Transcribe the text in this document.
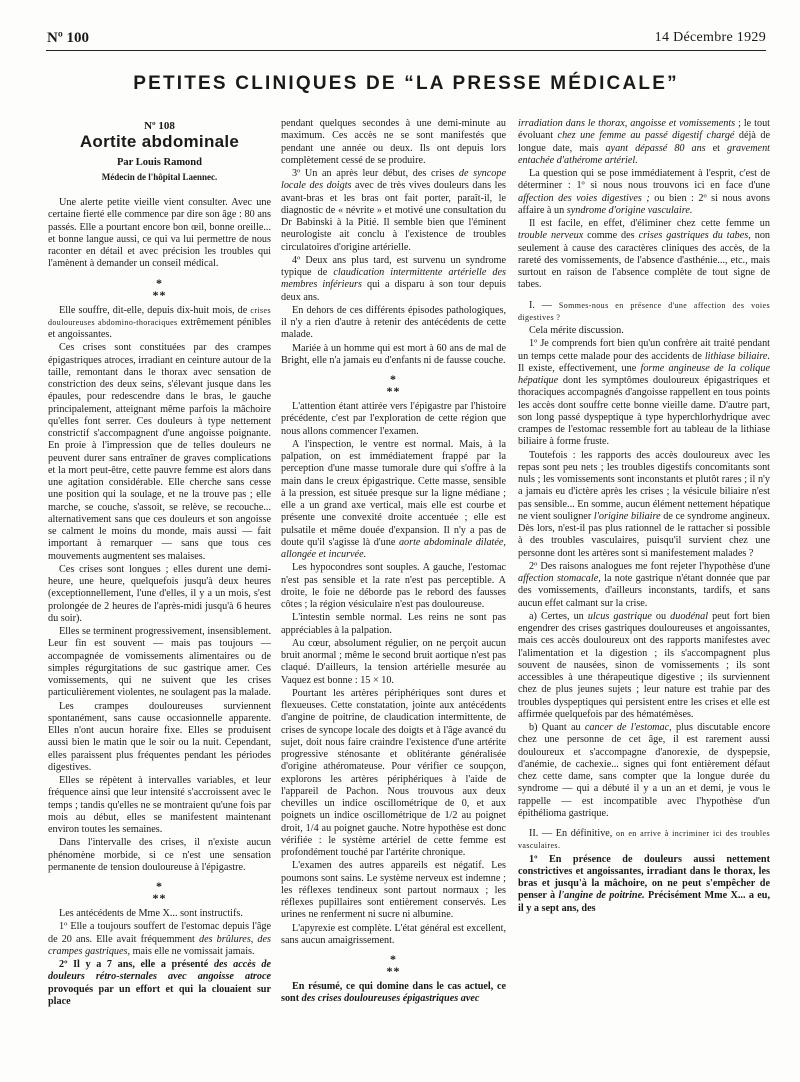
Nº 100	14 Décembre 1929
PETITES CLINIQUES DE “LA PRESSE MÉDICALE”
Nº 108
Aortite abdominale
Par Louis Ramond
Médecin de l'hôpital Laennec.

Une alerte petite vieille vient consulter. Avec une certaine fierté elle commence par dire son âge : 80 ans passés. Elle a pourtant encore bon œil, bonne oreille... et bonne langue aussi, ce qui va lui permettre de nous raconter en détail et avec précision les troubles qui l'amènent à demander un conseil médical.

*
**

Elle souffre, dit-elle, depuis dix-huit mois, de crises douloureuses abdomino-thoraciques extrêmement pénibles et angoissantes.

Ces crises sont constituées par des crampes épigastriques atroces, irradiant en ceinture autour de la taille, remontant dans le thorax avec sensation de constriction des deux seins, s'élevant jusque dans les épaules, pour redescendre dans le bras, le gauche principalement, atteignant même parfois la mâchoire qu'elles font serrer. Ces douleurs à type nettement constrictif s'accompagnent d'une angoisse poignante. En proie à l'impression que de telles douleurs ne peuvent durer sans entraîner de graves complications et la mort peut-être, cette pauvre femme est alors dans une agitation considérable. Elle cherche sans cesse une position qui la soulage, et ne la trouve pas ; elle marche, se couche, s'assoit, se relève, se recouche... alternativement sans que ces douleurs et son angoisse se calment le moins du monde, mais aussi — fait important à remarquer — sans que tous ces mouvements augmentent ses malaises.

Ces crises sont longues ; elles durent une demi-heure, une heure, quelquefois jusqu'à deux heures (exceptionnellement, l'une d'elles, il y a un mois, s'est prolongée de 2 heures de l'après-midi jusqu'à 6 heures du soir).

Elles se terminent progressivement, insensiblement. Leur fin est souvent — mais pas toujours — accompagnée de vomissements alimentaires ou de simples régurgitations de suc gastrique amer. Ces vomissements, qui ne suivent que les crises particulièrement violentes, ne soulagent pas la malade.

Les crampes douloureuses surviennent spontanément, sans cause occasionnelle apparente. Elles n'ont aucun horaire fixe. Elles se produisent aussi bien le matin que le soir ou la nuit. Cependant, elles paraissent plus fréquentes pendant les périodes digestives.

Elles se répètent à intervalles variables, et leur fréquence ainsi que leur intensité s'accroissent avec le temps ; tandis qu'elles ne se montraient qu'une fois par mois au début, elles se manifestent maintenant environ toutes les semaines.

Dans l'intervalle des crises, il n'existe aucun phénomène morbide, si ce n'est une sensation permanente de tension douloureuse à l'épigastre.

*
**

Les antécédents de Mme X... sont instructifs.

1º Elle a toujours souffert de l'estomac depuis l'âge de 20 ans. Elle avait fréquemment des brûlures, des crampes gastriques, mais elle ne vomissait jamais.

2º Il y a 7 ans, elle a présenté des accès de douleurs rétro-sternales avec angoisse atroce provoqués par un effort et qui la clouaient sur place

pendant quelques secondes à une demi-minute au maximum. Ces accès ne se sont manifestés que pendant une année ou deux. Ils ont depuis lors complètement cessé de se produire.

3º Un an après leur début, des crises de syncope locale des doigts avec de très vives douleurs dans les avant-bras et les bras ont fait porter, paraît-il, le diagnostic de « névrite » et motivé une consultation du Dr Babinski à la Pitié. Il semble bien que l'éminent neurologiste ait conclu à l'existence de troubles circulatoires d'origine artérielle.

4º Deux ans plus tard, est survenu un syndrome typique de claudication intermittente artérielle des membres inférieurs qui a disparu à son tour depuis deux ans.

En dehors de ces différents épisodes pathologiques, il n'y a rien d'autre à retenir des antécédents de cette malade.

Mariée à un homme qui est mort à 60 ans de mal de Bright, elle n'a jamais eu d'enfants ni de fausse couche.

*
**

L'attention étant attirée vers l'épigastre par l'histoire précédente, c'est par l'exploration de cette région que nous allons commencer l'examen.

A l'inspection, le ventre est normal. Mais, à la palpation, on est immédiatement frappé par la perception d'une masse tumorale dure qui s'offre à la main dans le creux épigastrique. Cette masse, sensible à la pression, est située presque sur la ligne médiane ; elle a un grand axe vertical, mais elle est courbe et présente une convexité droite accentuée ; elle est pulsatile et même douée d'expansion. Il n'y a pas de doute qu'il s'agisse là d'une aorte abdominale dilatée, allongée et incurvée.

Les hypocondres sont souples. A gauche, l'estomac n'est pas sensible et la rate n'est pas perceptible. A droite, le foie ne déborde pas le rebord des fausses côtes ; la région vésiculaire n'est pas douloureuse.

L'intestin semble normal. Les reins ne sont pas appréciables à la palpation.

Au cœur, absolument régulier, on ne perçoit aucun bruit anormal ; même le second bruit aortique n'est pas claqué. D'ailleurs, la tension artérielle mesurée au Vaquez est bonne : 15 × 10.

Pourtant les artères périphériques sont dures et flexueuses. Cette constatation, jointe aux antécédents d'angine de poitrine, de claudication intermittente, de crises de syncope locale des doigts et à l'âge avancé du sujet, doit nous faire craindre l'existence d'une artérite progressive sténosante et oblitérante généralisée d'origine athéromateuse. Pour vérifier ce soupçon, explorons les artères périphériques à l'aide de l'appareil de Pachon. Nous trouvous aux deux chevilles un indice oscillométrique de 0, et aux poignets un indice oscillométrique de 1/2 au poignet droit, 1/4 au poignet gauche. Notre hypothèse est donc vérifiée : le système artériel de cette femme est profondément touché par l'artérite chronique.

L'examen des autres appareils est négatif. Les poumons sont sains. Le système nerveux est indemne ; les réflexes tendineux sont partout normaux ; les réflexes pupillaires sont entièrement conservés. Les urines ne renferment ni sucre ni albumine.

L'apyrexie est complète. L'état général est excellent, sans aucun amaigrissement.

*
**

En résumé, ce qui domine dans le cas actuel, ce sont des crises douloureuses épigastriques avec

irradiation dans le thorax, angoisse et vomissements ; le tout évoluant chez une femme au passé digestif chargé déjà de longue date, mais ayant dépassé 80 ans et gravement entachée d'athérome artériel.

La question qui se pose immédiatement à l'esprit, c'est de déterminer : 1º si nous nous trouvons ici en face d'une affection des voies digestives ; ou bien : 2º si nous avons affaire à un syndrome d'origine vasculaire.

Il est facile, en effet, d'éliminer chez cette femme un trouble nerveux comme des crises gastriques du tabes, non seulement à cause des caractères cliniques des accès, de la rareté des vomissements, de l'absence d'asthénie..., etc., mais surtout en raison de l'absence complète de tout signe de tabes.

I. — Sommes-nous en présence d'une affection des voies digestives ?

Cela mérite discussion.

1º Je comprends fort bien qu'un confrère ait traité pendant un temps cette malade pour des accidents de lithiase biliaire. Il existe, effectivement, une forme angineuse de la colique hépatique dont les symptômes douloureux épigastriques et thoraciques accompagnés d'angoisse rappellent en tous points les accès dont souffre cette bonne vieille dame. D'autre part, son long passé dyspeptique à type hyperchlorhydrique avec crampes de l'estomac ressemble fort au tableau de la lithiase biliaire à forme fruste.

Toutefois : les rapports des accès douloureux avec les repas sont peu nets ; les troubles digestifs concomitants sont nuls ; les vomissements sont inconstants et plutôt rares ; il n'y a jamais eu d'ictère après les crises ; la vésicule biliaire n'est pas sensible... En somme, aucun élément nettement hépatique ne vient souligner l'origine biliaire de ce syndrome angineux. Dès lors, n'est-il pas plus rationnel de le rattacher si possible à des troubles vasculaires, puisqu'il survient chez une personne dont les artères sont si manifestement malades ?

2º Des raisons analogues me font rejeter l'hypothèse d'une affection stomacale, la note gastrique n'étant donnée que par des vomissements, d'ailleurs inconstants, tardifs, et sans aucun effet calmant sur la crise.

a) Certes, un ulcus gastrique ou duodénal peut fort bien engendrer des crises gastriques douloureuses et angoissantes, mais ces accès douloureux ont des rapports manifestes avec l'alimentation et la digestion ; ils s'accompagnent plus souvent de nausées, sinon de vomissements ; ils sont accessibles à une thérapeutique digestive ; ils surviennent chez de plus jeunes sujets ; leur nature est trahie par des troubles dyspeptiques qui persistent entre les crises et elle est affirmée quelquefois par des hématémèses.

b) Quant au cancer de l'estomac, plus discutable encore chez une personne de cet âge, il est rarement aussi douloureux et s'accompagne d'anorexie, de dyspepsie, d'anémie, de cachexie... signes qui font entièrement défaut chez cette dame, sans compter que la longue durée du syndrome — qui a débuté il y a un an et demi, je vous le rappelle — est incompatible avec l'hypothèse d'un épithélioma gastrique.

II. — En définitive, on en arrive à incriminer ici des troubles vasculaires.

1º En présence de douleurs aussi nettement constrictives et angoissantes, irradiant dans le thorax, les bras et jusqu'à la mâchoire, on ne peut s'empêcher de penser à l'angine de poitrine. Précisément Mme X... a eu, il y a sept ans, des
